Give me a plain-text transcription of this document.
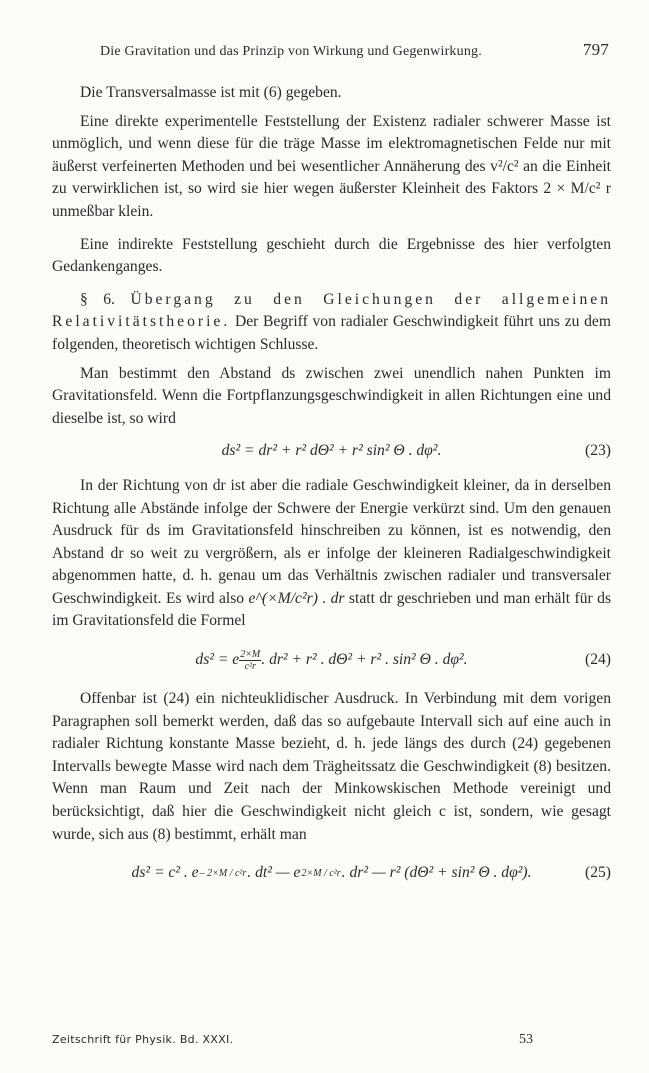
Die Gravitation und das Prinzip von Wirkung und Gegenwirkung.	797

Die Transversalmasse ist mit (6) gegeben.

Eine direkte experimentelle Feststellung der Existenz radialer schwerer Masse ist unmöglich, und wenn diese für die träge Masse im elektromagnetischen Felde nur mit äußerst verfeinerten Methoden und bei wesentlicher Annäherung des v²/c² an die Einheit zu verwirklichen ist, so wird sie hier wegen äußerster Kleinheit des Faktors 2 × M/c² r unmeßbar klein.

Eine indirekte Feststellung geschieht durch die Ergebnisse des hier verfolgten Gedankenganges.

§ 6. Übergang zu den Gleichungen der allgemeinen Relativitätstheorie. Der Begriff von radialer Geschwindigkeit führt uns zu dem folgenden, theoretisch wichtigen Schlusse.

Man bestimmt den Abstand ds zwischen zwei unendlich nahen Punkten im Gravitationsfeld. Wenn die Fortpflanzungsgeschwindigkeit in allen Richtungen eine und dieselbe ist, so wird

ds² = dr² + r² dΘ² + r² sin² Θ . dφ².	(23)

In der Richtung von dr ist aber die radiale Geschwindigkeit kleiner, da in derselben Richtung alle Abstände infolge der Schwere der Energie verkürzt sind. Um den genauen Ausdruck für ds im Gravitationsfeld hinschreiben zu können, ist es notwendig, den Abstand dr so weit zu vergrößern, als er infolge der kleineren Radialgeschwindigkeit abgenommen hatte, d. h. genau um das Verhältnis zwischen radialer und transversaler Geschwindigkeit. Es wird also e^(×M/c²r) . dr statt dr geschrieben und man erhält für ds im Gravitationsfeld die Formel

ds² = e $\frac{2\times M}{\text{c²r}}$ . dr² + r² . dΘ² + r² . sin² Θ . dφ².	(24)

Offenbar ist (24) ein nichteuklidischer Ausdruck. In Verbindung mit dem vorigen Paragraphen soll bemerkt werden, daß das so aufgebaute Intervall sich auf eine auch in radialer Richtung konstante Masse bezieht, d. h. jede längs des durch (24) gegebenen Intervalls bewegte Masse wird nach dem Trägheitssatz die Geschwindigkeit (8) besitzen. Wenn man Raum und Zeit nach der Minkowskischen Methode vereinigt und berücksichtigt, daß hier die Geschwindigkeit nicht gleich c ist, sondern, wie gesagt wurde, sich aus (8) bestimmt, erhält man

ds² = c² . e – 2×M / c²r . dt² — e 2×M / c²r . dr² — r² (dΘ² + sin² Θ . dφ²).	(25)
Zeitschrift für Physik. Bd. XXXI.	53
